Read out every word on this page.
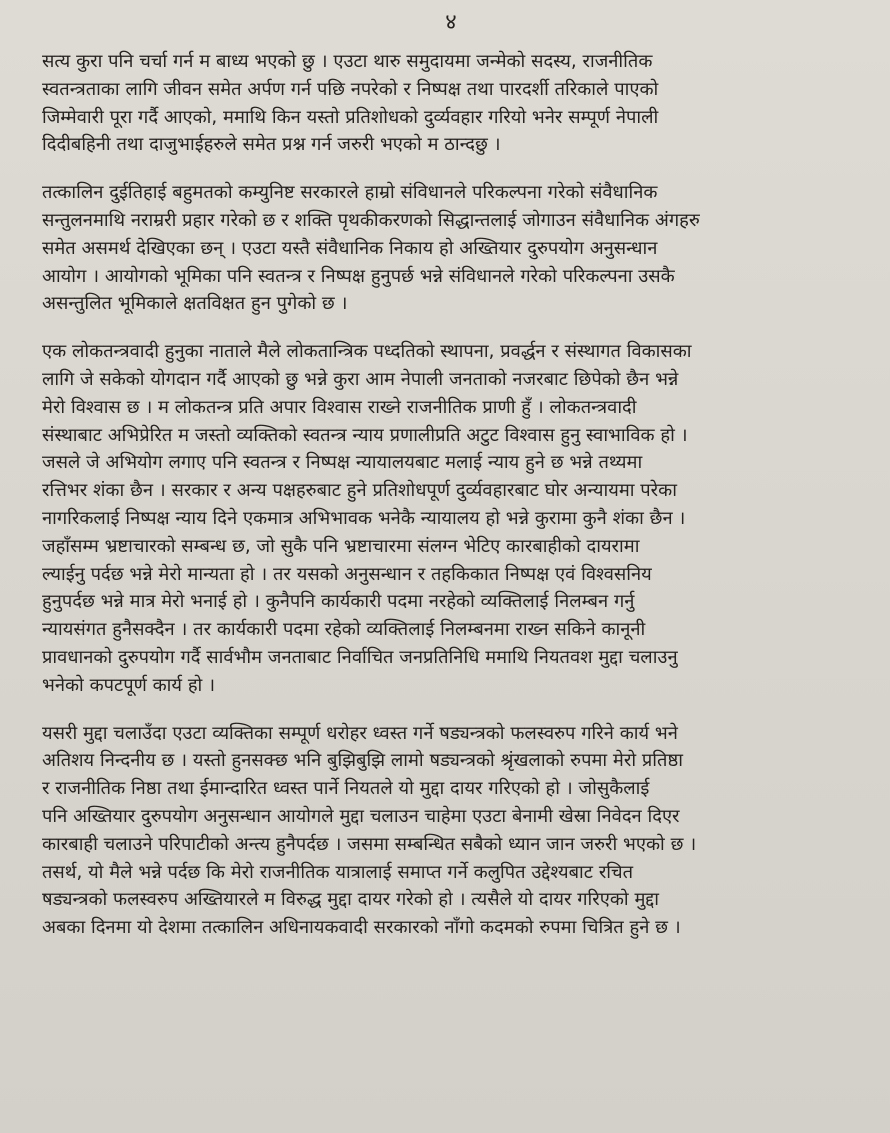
४
सत्य कुरा पनि चर्चा गर्न म बाध्य भएको छु । एउटा थारु समुदायमा जन्मेको सदस्य, राजनीतिक
स्वतन्त्रताका लागि जीवन समेत अर्पण गर्न पछि नपरेको र निष्पक्ष तथा पारदर्शी तरिकाले पाएको
जिम्मेवारी पूरा गर्दै आएको, ममाथि किन यस्तो प्रतिशोधको दुर्व्यवहार गरियो भनेर सम्पूर्ण नेपाली
दिदीबहिनी तथा दाजुभाईहरुले समेत प्रश्न गर्न जरुरी भएको म ठान्दछु ।
तत्कालिन दुईतिहाई बहुमतको कम्युनिष्ट सरकारले हाम्रो संविधानले परिकल्पना गरेको संवैधानिक
सन्तुलनमाथि नराम्ररी प्रहार गरेको छ र शक्ति पृथकीकरणको सिद्धान्तलाई जोगाउन संवैधानिक अंगहरु
समेत असमर्थ देखिएका छन् । एउटा यस्तै संवैधानिक निकाय हो अख्तियार दुरुपयोग अनुसन्धान
आयोग । आयोगको भूमिका पनि स्वतन्त्र र निष्पक्ष हुनुपर्छ भन्ने संविधानले गरेको परिकल्पना उसकै
असन्तुलित भूमिकाले क्षतविक्षत हुन पुगेको छ ।
एक लोकतन्त्रवादी हुनुका नाताले मैले लोकतान्त्रिक पध्दतिको स्थापना, प्रवर्द्धन र संस्थागत विकासका
लागि जे सकेको योगदान गर्दै आएको छु भन्ने कुरा आम नेपाली जनताको नजरबाट छिपेको छैन भन्ने
मेरो विश्वास छ । म लोकतन्त्र प्रति अपार विश्वास राख्ने राजनीतिक प्राणी हुँ । लोकतन्त्रवादी
संस्थाबाट अभिप्रेरित म जस्तो व्यक्तिको स्वतन्त्र न्याय प्रणालीप्रति अटुट विश्वास हुनु स्वाभाविक हो ।
जसले जे अभियोग लगाए पनि स्वतन्त्र र निष्पक्ष न्यायालयबाट मलाई न्याय हुने छ भन्ने तथ्यमा
रत्तिभर शंका छैन । सरकार र अन्य पक्षहरुबाट हुने प्रतिशोधपूर्ण दुर्व्यवहारबाट घोर अन्यायमा परेका
नागरिकलाई निष्पक्ष न्याय दिने एकमात्र अभिभावक भनेकै न्यायालय हो भन्ने कुरामा कुनै शंका छैन ।
जहाँसम्म भ्रष्टाचारको सम्बन्ध छ, जो सुकै पनि भ्रष्टाचारमा संलग्न भेटिए कारबाहीको दायरामा
ल्याईनु पर्दछ भन्ने मेरो मान्यता हो । तर यसको अनुसन्धान र तहकिकात निष्पक्ष एवं विश्वसनिय
हुनुपर्दछ भन्ने मात्र मेरो भनाई हो । कुनैपनि कार्यकारी पदमा नरहेको व्यक्तिलाई निलम्बन गर्नु
न्यायसंगत हुनैसक्दैन । तर कार्यकारी पदमा रहेको व्यक्तिलाई निलम्बनमा राख्न सकिने कानूनी
प्रावधानको दुरुपयोग गर्दै सार्वभौम जनताबाट निर्वाचित जनप्रतिनिधि ममाथि नियतवश मुद्दा चलाउनु
भनेको कपटपूर्ण कार्य हो ।
यसरी मुद्दा चलाउँदा एउटा व्यक्तिका सम्पूर्ण धरोहर ध्वस्त गर्ने षड्यन्त्रको फलस्वरुप गरिने कार्य भने
अतिशय निन्दनीय छ । यस्तो हुनसक्छ भनि बुझिबुझि लामो षड्यन्त्रको श्रृंखलाको रुपमा मेरो प्रतिष्ठा
र राजनीतिक निष्ठा तथा ईमान्दारित ध्वस्त पार्ने नियतले यो मुद्दा दायर गरिएको हो । जोसुकैलाई
पनि अख्तियार दुरुपयोग अनुसन्धान आयोगले मुद्दा चलाउन चाहेमा एउटा बेनामी खेस्रा निवेदन दिएर
कारबाही चलाउने परिपाटीको अन्त्य हुनैपर्दछ । जसमा सम्बन्धित सबैको ध्यान जान जरुरी भएको छ ।
तसर्थ, यो मैले भन्ने पर्दछ कि मेरो राजनीतिक यात्रालाई समाप्त गर्ने कलुपित उद्देश्यबाट रचित
षड्यन्त्रको फलस्वरुप अख्तियारले म विरुद्ध मुद्दा दायर गरेको हो । त्यसैले यो दायर गरिएको मुद्दा
अबका दिनमा यो देशमा तत्कालिन अधिनायकवादी सरकारको नाँगो कदमको रुपमा चित्रित हुने छ ।
